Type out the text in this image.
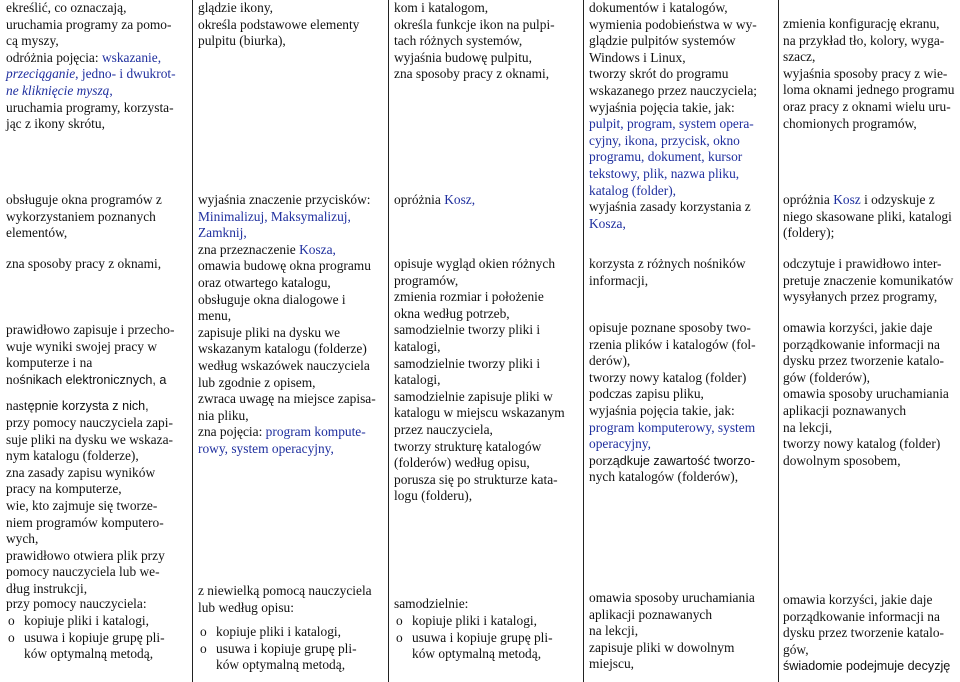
ekreślić, co oznaczają,
uruchamia programy za pomo-
cą myszy,
odróżnia pojęcia: wskazanie,
przeciąganie, jedno- i dwukrot-
ne kliknięcie myszą,
uruchamia programy, korzysta-
jąc z ikony skrótu,
obsługuje okna programów z
wykorzystaniem poznanych
elementów,
zna sposoby pracy z oknami,
prawidłowo zapisuje i przecho-
wuje wyniki swojej pracy w
komputerze i na
nośnikach elektronicznych, a
następnie korzysta z nich,
przy pomocy nauczyciela zapi-
suje pliki na dysku we wskaza-
nym katalogu (folderze),
zna zasady zapisu wyników
pracy na komputerze,
wie, kto zajmuje się tworze-
niem programów komputero-
wych,
prawidłowo otwiera plik przy
pomocy nauczyciela lub we-
dług instrukcji,
przy pomocy nauczyciela:
o kopiuje pliki i katalogi,
o usuwa i kopiuje grupę pli-
ków optymalną metodą,
glądzie ikony,
określa podstawowe elementy
pulpitu (biurka),
wyjaśnia znaczenie przycisków:
Minimalizuj, Maksymalizuj,
Zamknij,
zna przeznaczenie Kosza,
omawia budowę okna programu
oraz otwartego katalogu,
obsługuje okna dialogowe i
menu,
zapisuje pliki na dysku we
wskazanym katalogu (folderze)
według wskazówek nauczyciela
lub zgodnie z opisem,
zwraca uwagę na miejsce zapisa-
nia pliku,
zna pojęcia: program kompute-
rowy, system operacyjny,
z niewielką pomocą nauczyciela
lub według opisu:
o kopiuje pliki i katalogi,
o usuwa i kopiuje grupę pli-
ków optymalną metodą,
kom i katalogom,
określa funkcje ikon na pulpi-
tach różnych systemów,
wyjaśnia budowę pulpitu,
zna sposoby pracy z oknami,
opróżnia Kosz,
opisuje wygląd okien różnych
programów,
zmienia rozmiar i położenie
okna według potrzeb,
samodzielnie tworzy pliki i
katalogi,
samodzielnie tworzy pliki i
katalogi,
samodzielnie zapisuje pliki w
katalogu w miejscu wskazanym
przez nauczyciela,
tworzy strukturę katalogów
(folderów) według opisu,
porusza się po strukturze kata-
logu (folderu),
samodzielnie:
o kopiuje pliki i katalogi,
o usuwa i kopiuje grupę pli-
ków optymalną metodą,
dokumentów i katalogów,
wymienia podobieństwa w wy-
glądzie pulpitów systemów
Windows i Linux,
tworzy skrót do programu
wskazanego przez nauczyciela;
wyjaśnia pojęcia takie, jak:
pulpit, program, system opera-
cyjny, ikona, przycisk, okno
programu, dokument, kursor
tekstowy, plik, nazwa pliku,
katalog (folder),
wyjaśnia zasady korzystania z
Kosza,
korzysta z różnych nośników
informacji,
opisuje poznane sposoby two-
rzenia plików i katalogów (fol-
derów),
tworzy nowy katalog (folder)
podczas zapisu pliku,
wyjaśnia pojęcia takie, jak:
program komputerowy, system
operacyjny,
porządkuje zawartość tworzo-
nych katalogów (folderów),
omawia sposoby uruchamiania
aplikacji poznawanych
na lekcji,
zapisuje pliki w dowolnym
miejscu,
zmienia konfigurację ekranu,
na przykład tło, kolory, wyga-
szacz,
wyjaśnia sposoby pracy z wie-
loma oknami jednego programu
oraz pracy z oknami wielu uru-
chomionych programów,
opróżnia Kosz i odzyskuje z
niego skasowane pliki, katalogi
(foldery);
odczytuje i prawidłowo inter-
pretuje znaczenie komunikatów
wysyłanych przez programy,
omawia korzyści, jakie daje
porządkowanie informacji na
dysku przez tworzenie katalo-
gów (folderów),
omawia sposoby uruchamiania
aplikacji poznawanych
na lekcji,
tworzy nowy katalog (folder)
dowolnym sposobem,
omawia korzyści, jakie daje
porządkowanie informacji na
dysku przez tworzenie katalo-
gów,
świadomie podejmuje decyzję
